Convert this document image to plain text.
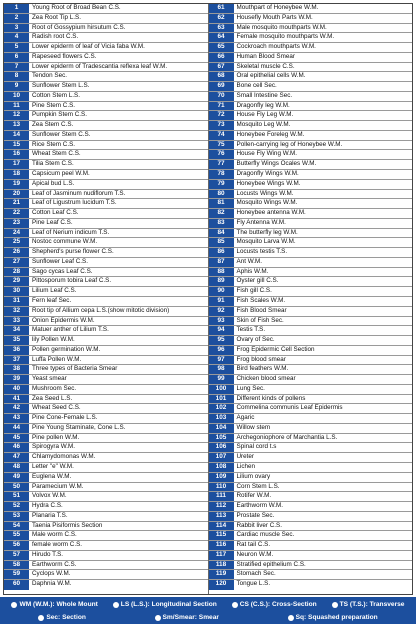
1	Young Root of Broad Bean C.S.
2	Zea Root Tip L.S.
3	Root of Gossypium hirsutum C.S.
4	Radish root C.S.
5	Lower epiderm of leaf of Vicia faba W.M.
6	Rapeseed flowers C.S.
7	Lower epiderm of Tradescantia reflexa leaf W.M.
8	Tendon Sec.
9	Sunflower Stem L.S.
10	Cotton Stem L.S.
11	Pine Stem C.S.
12	Pumpkin Stem C.S.
13	Zea Stem C.S.
14	Sunflower Stem C.S.
15	Rice Stem C.S.
16	Wheat Stem C.S.
17	Tilia Stem C.S.
18	Capsicum peel W.M.
19	Apical bud L.S.
20	Leaf of Jasminum nudiflorum T.S.
21	Leaf of Ligustrum lucidum T.S.
22	Cotton Leaf C.S.
23	Pine Leaf C.S.
24	Leaf of Nerium indicum T.S.
25	Nostoc commune W.M.
26	Shepherd's purse flower C.S.
27	Sunflower Leaf C.S.
28	Sago cycas Leaf C.S.
29	Pittosporum tobira Leaf C.S.
30	Lilium Leaf C.S.
31	Fern leaf Sec.
32	Root tip of Allium cepa L.S.(show mitotic division)
33	Onion Epidermis W.M.
34	Matuer anther of Lilium T.S.
35	lily Pollen W.M.
36	Pollen germination W.M.
37	Luffa Pollen W.M.
38	Three types of Bacteria Smear
39	Yeast smear
40	Mushroom Sec.
41	Zea Seed L.S.
42	Wheat Seed C.S.
43	Pine Cone-Female L.S.
44	Pine Young Staminate, Cone L.S.
45	Pine pollen W.M.
46	Spirogyra W.M.
47	Chlamydomonas W.M.
48	Letter "e" W.M.
49	Euglena W.M.
50	Paramecium W.M.
51	Volvox W.M.
52	Hydra C.S.
53	Planaria T.S.
54	Taenia Pisiformis Section
55	Male worm C.S.
56	female worm C.S.
57	Hirudo T.S.
58	Earthworm C.S.
59	Cyclops W.M.
60	Daphnia W.M.
61	Mouthpart of Honeybee W.M.
62	Housefly Mouth Parts W.M.
63	Male mosquito mouthparts W.M.
64	Female mosquito mouthparts W.M.
65	Cockroach mouthparts W.M.
66	Human Blood Smear
67	Skeletal muscle C.S.
68	Oral epithelial cells W.M.
69	Bone cell Sec.
70	Small Intestine Sec.
71	Dragonfly leg W.M.
72	House Fly Leg W.M.
73	Mosquito Leg W.M.
74	Honeybee Foreleg W.M.
75	Pollen-carrying leg of Honeybee W.M.
76	House Fly Wing W.M.
77	Butterfly Wings Ocales W.M.
78	Dragonfly Wings W.M.
79	Honeybee Wings W.M.
80	Locusts Wings W.M.
81	Mosquito Wings W.M.
82	Honeybee antenna W.M.
83	Fly Antenna W.M.
84	The butterfly leg W.M.
85	Mosquito Larva W.M.
86	Locusts testis T.S.
87	Ant W.M.
88	Aphis W.M.
89	Oyster gill C.S.
90	Fish gill C.S.
91	Fish Scales W.M.
92	Fish Blood Smear
93	Skin of Fish Sec.
94	Testis T.S.
95	Ovary of Sec.
96	Frog Epidermic Cell Section
97	Frog blood smear
98	Bird feathers W.M.
99	Chicken blood smear
100	Lung Sec.
101	Different kinds of pollens
102	Commelina communis Leaf Epidermis
103	Agaric
104	Willow stem
105	Archegoniophore of Marchantia L.S.
106	Spinal cord t.s
107	Ureter
108	Lichen
109	Lilium ovary
110	Corn Stem L.S.
111	Rotifer W.M.
112	Earthworm W.M.
113	Prostate Sec.
114	Rabbit liver C.S.
115	Cardiac muscle Sec.
116	Rat tail C.S.
117	Neuron W.M.
118	Stratified epithelium C.S.
119	Stomach Sec.
120	Tongue L.S.
WM (W.M.): Whole Mount	LS (L.S.): Longitudinal Section	CS (C.S.): Cross-Section	TS (T.S.): Transverse
Sec: Section	Sm/Smear: Smear	Sq: Squashed preparation
